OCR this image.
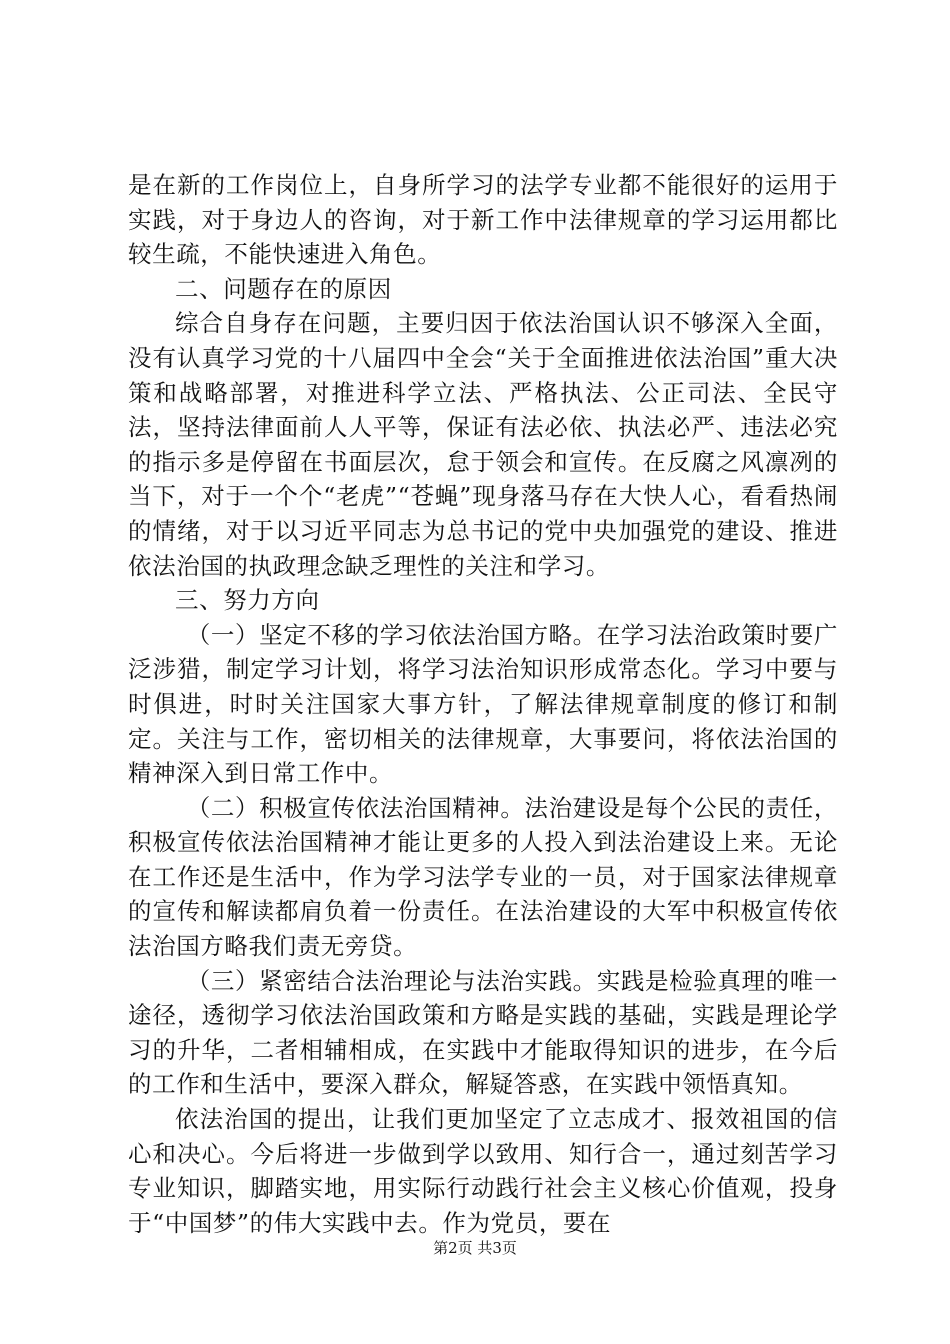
是在新的工作岗位上，自身所学习的法学专业都不能很好的运用于实践，对于身边人的咨询，对于新工作中法律规章的学习运用都比较生疏，不能快速进入角色。

二、问题存在的原因

综合自身存在问题，主要归因于依法治国认识不够深入全面，没有认真学习党的十八届四中全会“关于全面推进依法治国”重大决策和战略部署，对推进科学立法、严格执法、公正司法、全民守法，坚持法律面前人人平等，保证有法必依、执法必严、违法必究的指示多是停留在书面层次，怠于领会和宣传。在反腐之风凛冽的当下，对于一个个“老虎”“苍蝇”现身落马存在大快人心，看看热闹的情绪，对于以习近平同志为总书记的党中央加强党的建设、推进依法治国的执政理念缺乏理性的关注和学习。

三、努力方向

（一）坚定不移的学习依法治国方略。在学习法治政策时要广泛涉猎，制定学习计划，将学习法治知识形成常态化。学习中要与时俱进，时时关注国家大事方针，了解法律规章制度的修订和制定。关注与工作，密切相关的法律规章，大事要问，将依法治国的精神深入到日常工作中。

（二）积极宣传依法治国精神。法治建设是每个公民的责任，积极宣传依法治国精神才能让更多的人投入到法治建设上来。无论在工作还是生活中，作为学习法学专业的一员，对于国家法律规章的宣传和解读都肩负着一份责任。在法治建设的大军中积极宣传依法治国方略我们责无旁贷。

（三）紧密结合法治理论与法治实践。实践是检验真理的唯一途径，透彻学习依法治国政策和方略是实践的基础，实践是理论学习的升华，二者相辅相成，在实践中才能取得知识的进步，在今后的工作和生活中，要深入群众，解疑答惑，在实践中领悟真知。

依法治国的提出，让我们更加坚定了立志成才、报效祖国的信心和决心。今后将进一步做到学以致用、知行合一，通过刻苦学习专业知识，脚踏实地，用实际行动践行社会主义核心价值观，投身于“中国梦”的伟大实践中去。作为党员，要在

第2页 共3页
